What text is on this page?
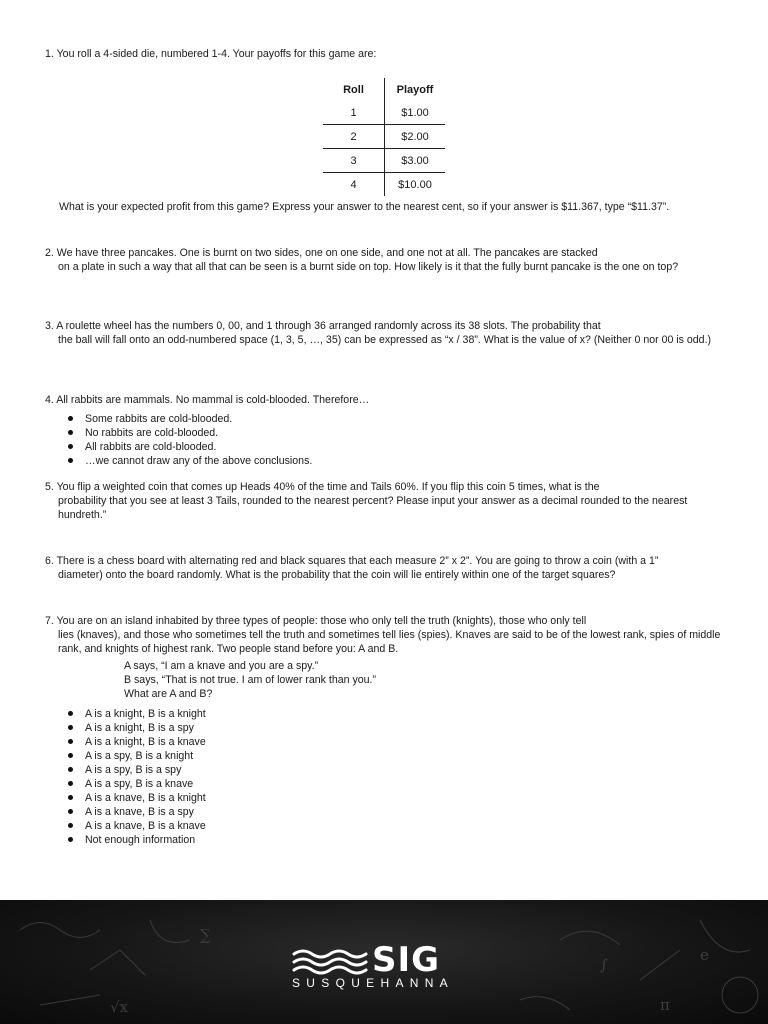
1. You roll a 4-sided die, numbered 1-4. Your payoffs for this game are:

Roll	Playoff
1	$1.00
2	$2.00
3	$3.00
4	$10.00

What is your expected profit from this game? Express your answer to the nearest cent, so if your answer is $11.367, type “$11.37”.

2. We have three pancakes. One is burnt on two sides, one on one side, and one not at all. The pancakes are stacked

on a plate in such a way that all that can be seen is a burnt side on top. How likely is it that the fully burnt pancake is the one on top?

3. A roulette wheel has the numbers 0, 00, and 1 through 36 arranged randomly across its 38 slots. The probability that

the ball will fall onto an odd-numbered space (1, 3, 5, …, 35) can be expressed as “x / 38”. What is the value of x? (Neither 0 nor 00 is odd.)

4. All rabbits are mammals. No mammal is cold-blooded. Therefore…

Some rabbits are cold-blooded.
No rabbits are cold-blooded.
All rabbits are cold-blooded.
…we cannot draw any of the above conclusions.

5. You flip a weighted coin that comes up Heads 40% of the time and Tails 60%. If you flip this coin 5 times, what is the

probability that you see at least 3 Tails, rounded to the nearest percent? Please input your answer as a decimal rounded to the nearest hundreth.”

6. There is a chess board with alternating red and black squares that each measure 2” x 2”. You are going to throw a coin (with a 1”

diameter) onto the board randomly. What is the probability that the coin will lie entirely within one of the target squares?

7. You are on an island inhabited by three types of people: those who only tell the truth (knights), those who only tell

lies (knaves), and those who sometimes tell the truth and sometimes tell lies (spies). Knaves are said to be of the lowest rank, spies of middle rank, and knights of highest rank. Two people stand before you: A and B.

A says, “I am a knave and you are a spy.”

B says, “That is not true. I am of lower rank than you.”

What are A and B?

A is a knight, B is a knight
A is a knight, B is a spy
A is a knight, B is a knave
A is a spy, B is a knight
A is a spy, B is a spy
A is a spy, B is a knave
A is a knave, B is a knight
A is a knave, B is a spy
A is a knave, B is a knave
Not enough information
∑
∫
π
√x
e
SIG
SUSQUEHANNA
